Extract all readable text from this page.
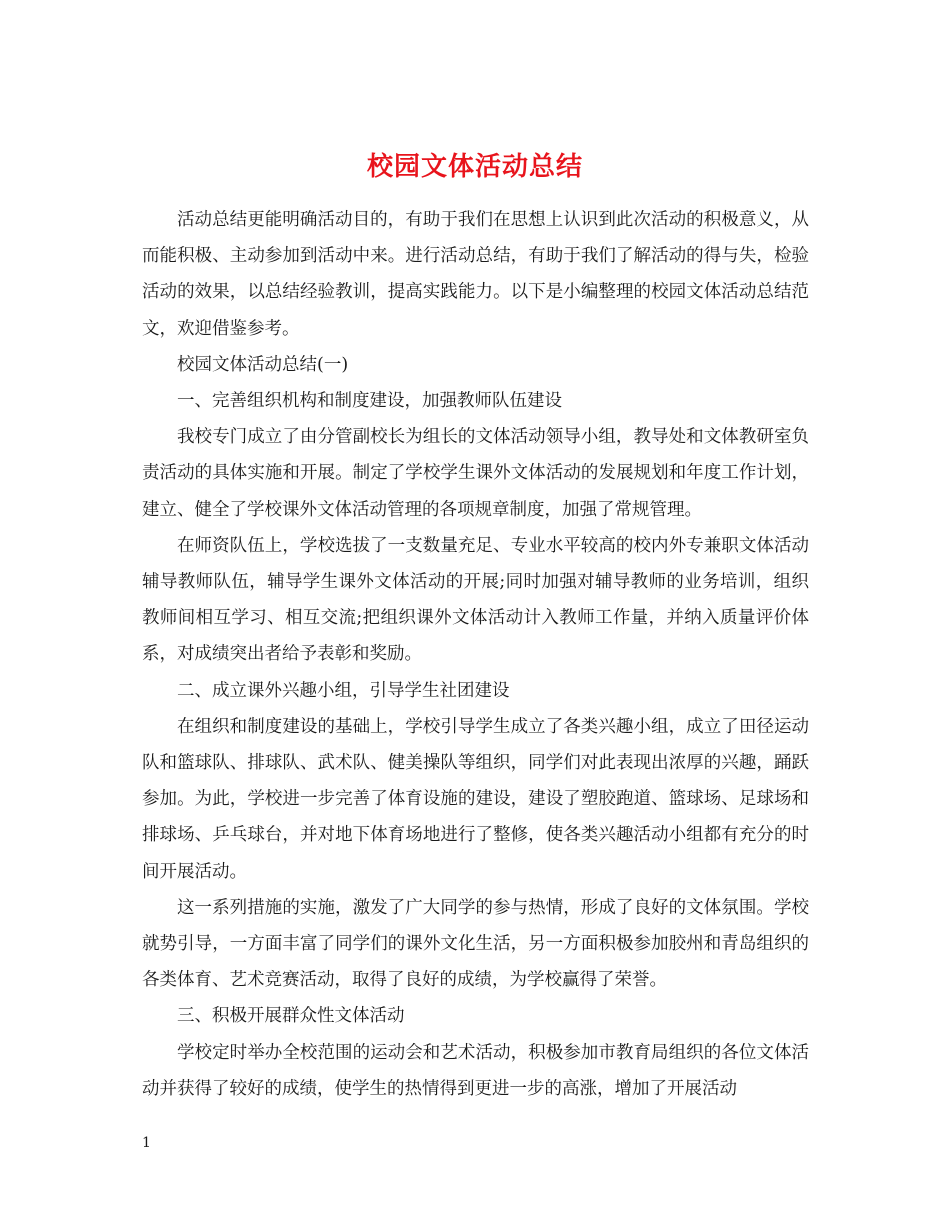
校园文体活动总结

活动总结更能明确活动目的，有助于我们在思想上认识到此次活动的积极意义，从而能积极、主动参加到活动中来。进行活动总结，有助于我们了解活动的得与失，检验活动的效果，以总结经验教训，提高实践能力。以下是小编整理的校园文体活动总结范文，欢迎借鉴参考。

校园文体活动总结(一)

一、完善组织机构和制度建设，加强教师队伍建设

我校专门成立了由分管副校长为组长的文体活动领导小组，教导处和文体教研室负责活动的具体实施和开展。制定了学校学生课外文体活动的发展规划和年度工作计划，建立、健全了学校课外文体活动管理的各项规章制度，加强了常规管理。

在师资队伍上，学校选拔了一支数量充足、专业水平较高的校内外专兼职文体活动辅导教师队伍，辅导学生课外文体活动的开展;同时加强对辅导教师的业务培训，组织教师间相互学习、相互交流;把组织课外文体活动计入教师工作量，并纳入质量评价体系，对成绩突出者给予表彰和奖励。

二、成立课外兴趣小组，引导学生社团建设

在组织和制度建设的基础上，学校引导学生成立了各类兴趣小组，成立了田径运动队和篮球队、排球队、武术队、健美操队等组织，同学们对此表现出浓厚的兴趣，踊跃参加。为此，学校进一步完善了体育设施的建设，建设了塑胶跑道、篮球场、足球场和排球场、乒乓球台，并对地下体育场地进行了整修，使各类兴趣活动小组都有充分的时间开展活动。

这一系列措施的实施，激发了广大同学的参与热情，形成了良好的文体氛围。学校就势引导，一方面丰富了同学们的课外文化生活，另一方面积极参加胶州和青岛组织的各类体育、艺术竞赛活动，取得了良好的成绩，为学校赢得了荣誉。

三、积极开展群众性文体活动

学校定时举办全校范围的运动会和艺术活动，积极参加市教育局组织的各位文体活动并获得了较好的成绩，使学生的热情得到更进一步的高涨，增加了开展活动

1
